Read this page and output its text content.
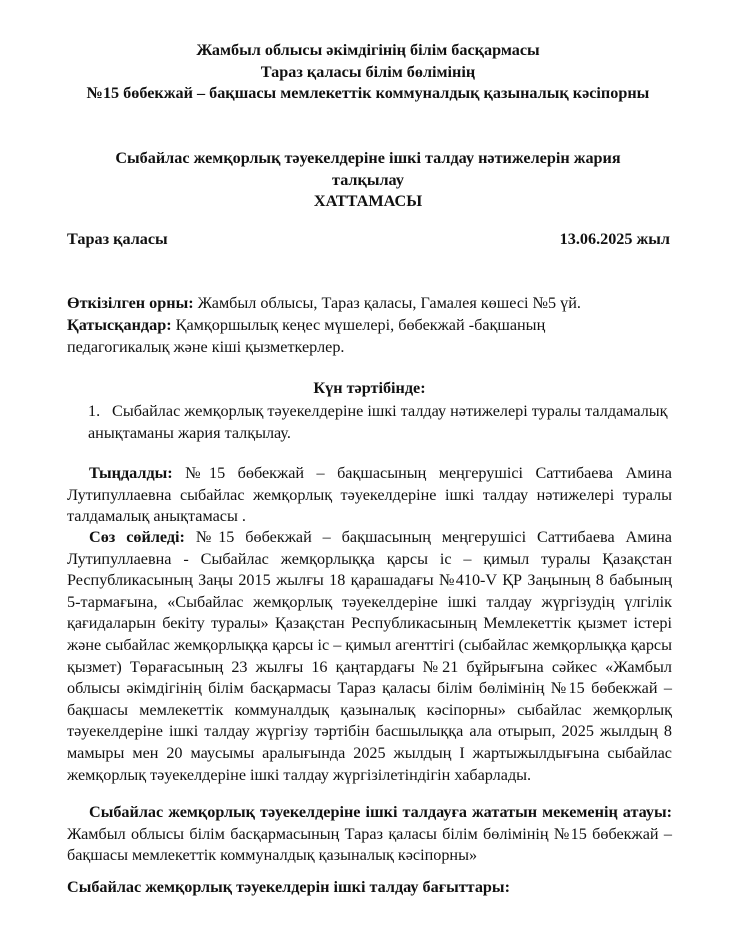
Жамбыл облысы әкімдігінің білім басқармасы
Тараз қаласы білім бөлімінің
№15 бөбекжай – бақшасы мемлекеттік коммуналдық қазыналық кәсіпорны
Сыбайлас жемқорлық тәуекелдеріне ішкі талдау нәтижелерін жария
талқылау
ХАТТАМАСЫ
Тараз қаласы	13.06.2025 жыл
Өткізілген орны: Жамбыл облысы, Тараз қаласы, Гамалея көшесі №5 үй.
Қатысқандар: Қамқоршылық кеңес мүшелері, бөбекжай -бақшаның педагогикалық және кіші қызметкерлер.
Күн тәртібінде:
1. Сыбайлас жемқорлық тәуекелдеріне ішкі талдау нәтижелері туралы талдамалық анықтаманы жария талқылау.
Тыңдалды: №15 бөбекжай – бақшасының меңгерушісі Саттибаева Амина Лутипуллаевна сыбайлас жемқорлық тәуекелдеріне ішкі талдау нәтижелері туралы талдамалық анықтамасы .
Сөз сөйледі: №15 бөбекжай – бақшасының меңгерушісі Саттибаева Амина Лутипуллаевна - Сыбайлас жемқорлыққа қарсы іс – қимыл туралы Қазақстан Республикасының Заңы 2015 жылғы 18 қарашадағы №410-V ҚР Заңының 8 бабының 5-тармағына, «Сыбайлас жемқорлық тәуекелдеріне ішкі талдау жүргізудің үлгілік қағидаларын бекіту туралы» Қазақстан Республикасының Мемлекеттік қызмет істері және сыбайлас жемқорлыққа қарсы іс – қимыл агенттігі (сыбайлас жемқорлыққа қарсы қызмет) Төрағасының 23 жылғы 16 қаңтардағы №21 бұйрығына сәйкес «Жамбыл облысы әкімдігінің білім басқармасы Тараз қаласы білім бөлімінің №15 бөбекжай – бақшасы мемлекеттік коммуналдық қазыналық кәсіпорны» сыбайлас жемқорлық тәуекелдеріне ішкі талдау жүргізу тәртібін басшылыққа ала отырып, 2025 жылдың 8 мамыры мен 20 маусымы аралығында 2025 жылдың І жартыжылдығына сыбайлас жемқорлық тәуекелдеріне ішкі талдау жүргізілетіндігін хабарлады.
Сыбайлас жемқорлық тәуекелдеріне ішкі талдауға жататын мекеменің атауы: Жамбыл облысы білім басқармасының Тараз қаласы білім бөлімінің №15 бөбекжай – бақшасы мемлекеттік коммуналдық қазыналық кәсіпорны»
Сыбайлас жемқорлық тәуекелдерін ішкі талдау бағыттары:
